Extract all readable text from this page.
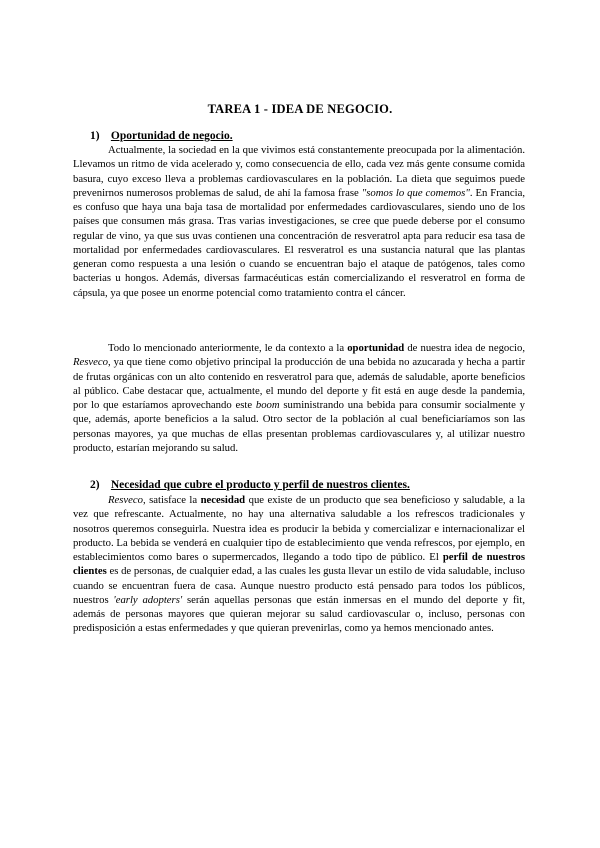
TAREA 1 - IDEA DE NEGOCIO.
1) Oportunidad de negocio.

Actualmente, la sociedad en la que vivimos está constantemente preocupada por la alimentación. Llevamos un ritmo de vida acelerado y, como consecuencia de ello, cada vez más gente consume comida basura, cuyo exceso lleva a problemas cardiovasculares en la población. La dieta que seguimos puede prevenirnos numerosos problemas de salud, de ahí la famosa frase "somos lo que comemos". En Francia, es confuso que haya una baja tasa de mortalidad por enfermedades cardiovasculares, siendo uno de los países que consumen más grasa. Tras varias investigaciones, se cree que puede deberse por el consumo regular de vino, ya que sus uvas contienen una concentración de resveratrol apta para reducir esa tasa de mortalidad por enfermedades cardiovasculares. El resveratrol es una sustancia natural que las plantas generan como respuesta a una lesión o cuando se encuentran bajo el ataque de patógenos, tales como bacterias u hongos. Además, diversas farmacéuticas están comercializando el resveratrol en forma de cápsula, ya que posee un enorme potencial como tratamiento contra el cáncer.

Todo lo mencionado anteriormente, le da contexto a la oportunidad de nuestra idea de negocio, Resveco, ya que tiene como objetivo principal la producción de una bebida no azucarada y hecha a partir de frutas orgánicas con un alto contenido en resveratrol para que, además de saludable, aporte beneficios al público. Cabe destacar que, actualmente, el mundo del deporte y fit está en auge desde la pandemia, por lo que estaríamos aprovechando este boom suministrando una bebida para consumir socialmente y que, además, aporte beneficios a la salud. Otro sector de la población al cual beneficiaríamos son las personas mayores, ya que muchas de ellas presentan problemas cardiovasculares y, al utilizar nuestro producto, estarían mejorando su salud.

2) Necesidad que cubre el producto y perfil de nuestros clientes.

Resveco, satisface la necesidad que existe de un producto que sea beneficioso y saludable, a la vez que refrescante. Actualmente, no hay una alternativa saludable a los refrescos tradicionales y nosotros queremos conseguirla. Nuestra idea es producir la bebida y comercializar e internacionalizar el producto. La bebida se venderá en cualquier tipo de establecimiento que venda refrescos, por ejemplo, en establecimientos como bares o supermercados, llegando a todo tipo de público. El perfil de nuestros clientes es de personas, de cualquier edad, a las cuales les gusta llevar un estilo de vida saludable, incluso cuando se encuentran fuera de casa. Aunque nuestro producto está pensado para todos los públicos, nuestros 'early adopters' serán aquellas personas que están inmersas en el mundo del deporte y fit, además de personas mayores que quieran mejorar su salud cardiovascular o, incluso, personas con predisposición a estas enfermedades y que quieran prevenirlas, como ya hemos mencionado antes.
